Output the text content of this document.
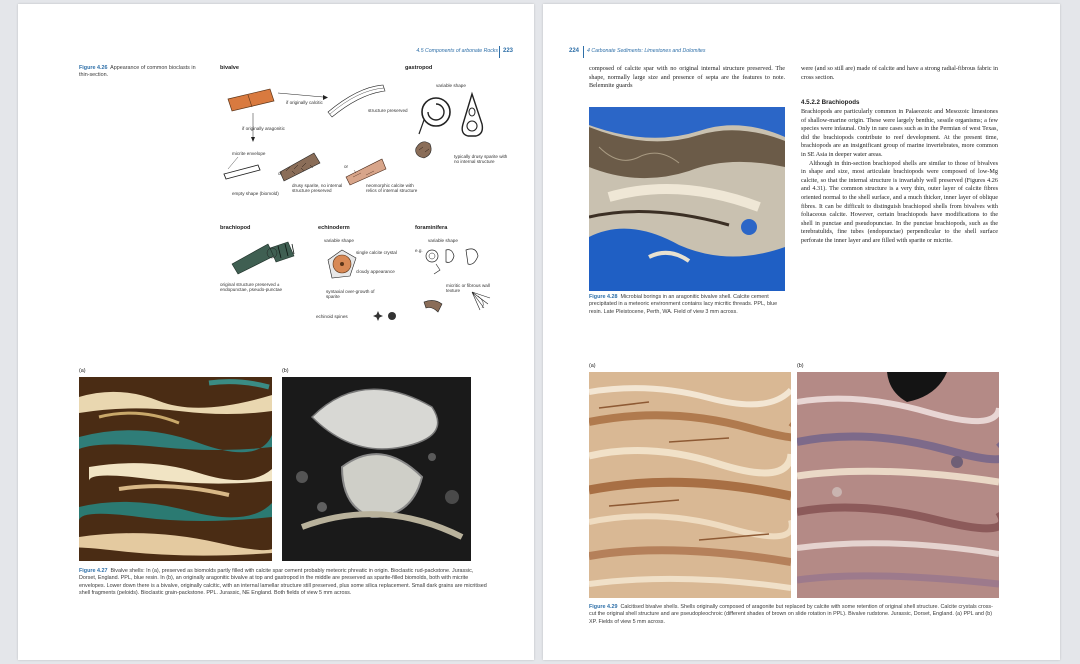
4.5 Components of arbonate Rocks 223
Figure 4.26 Appearance of common bioclasts in thin-section.
bivalve
if originally calcitic
structure preserved
if originally aragonitic
micrite envelope
or
or
empty shape (biomold)
drusy sparite, no internal structure preserved
neomorphic calcite with relics of internal structure
gastropod
variable shape
typically drusy sparite with no internal structure
brachiopod
original structure preserved ± endopunctae, pseudo-punctae
echinoderm
variable shape
single calcite crystal
cloudy appearance
syntaxial over-growth of sparite
echinoid spines
foraminifera
variable shape
e.g.
micritic or fibrous wall texture
(a)	(b)
Figure 4.27 Bivalve shells: In (a), preserved as biomolds partly filled with calcite spar cement probably meteoric phreatic in origin. Bioclastic rud-packstone. Jurassic, Dorset, England. PPL, blue resin. In (b), an originally aragonitic bivalve at top and gastropod in the middle are preserved as sparite-filled biomolds, both with micrite envelopes. Lower down there is a bivalve, originally calcitic, with an internal lamellar structure still preserved, plus some silica replacement. Small dark grains are micritised shell fragments (peloids). Bioclastic grain-packstone. PPL. Jurassic, NE England. Both fields of view 5 mm across.
224 4 Carbonate Sediments: Limestones and Dolomites
composed of calcite spar with no original internal structure preserved. The shape, normally large size and presence of septa are the features to note. Belemnite guards
Figure 4.28 Microbial borings in an aragonitic bivalve shell. Calcite cement precipitated in a meteoric environment contains lacy micritic threads. PPL, blue resin. Late Pleistocene, Perth, WA. Field of view 3 mm across.
were (and so still are) made of calcite and have a strong radial-fibrous fabric in cross section.
4.5.2.2 Brachiopods

Brachiopods are particularly common in Palaeozoic and Mesozoic limestones of shallow-marine origin. These were largely benthic, sessile organisms; a few species were infaunal. Only in rare cases such as in the Permian of west Texas, did the brachiopods contribute to reef development. At the present time, brachiopods are an insignificant group of marine invertebrates, more common in SE Asia in deeper water areas.

Although in thin-section brachiopod shells are similar to those of bivalves in shape and size, most articulate brachiopods were composed of low-Mg calcite, so that the internal structure is invariably well preserved (Figures 4.26 and 4.31). The common structure is a very thin, outer layer of calcite fibres oriented normal to the shell surface, and a much thicker, inner layer of oblique fibres. It can be difficult to distinguish brachiopod shells from bivalves with foliaceous calcite. However, certain brachiopods have modifications to the shell in punctae and pseudopunctae. In the punctae brachiopods, such as the terebratulids, fine tubes (endopunctae) perpendicular to the shell surface perforate the inner layer and are filled with sparite or micrite.

(a)	(b)
Figure 4.29 Calcitised bivalve shells. Shells originally composed of aragonite but replaced by calcite with some retention of original shell structure. Calcite crystals cross-cut the original shell structure and are pseudopleochroic (different shades of brown on slide rotation in PPL). Bivalve rudstone. Jurassic, Dorset, England. (a) PPL and (b) XP. Fields of view 5 mm across.
